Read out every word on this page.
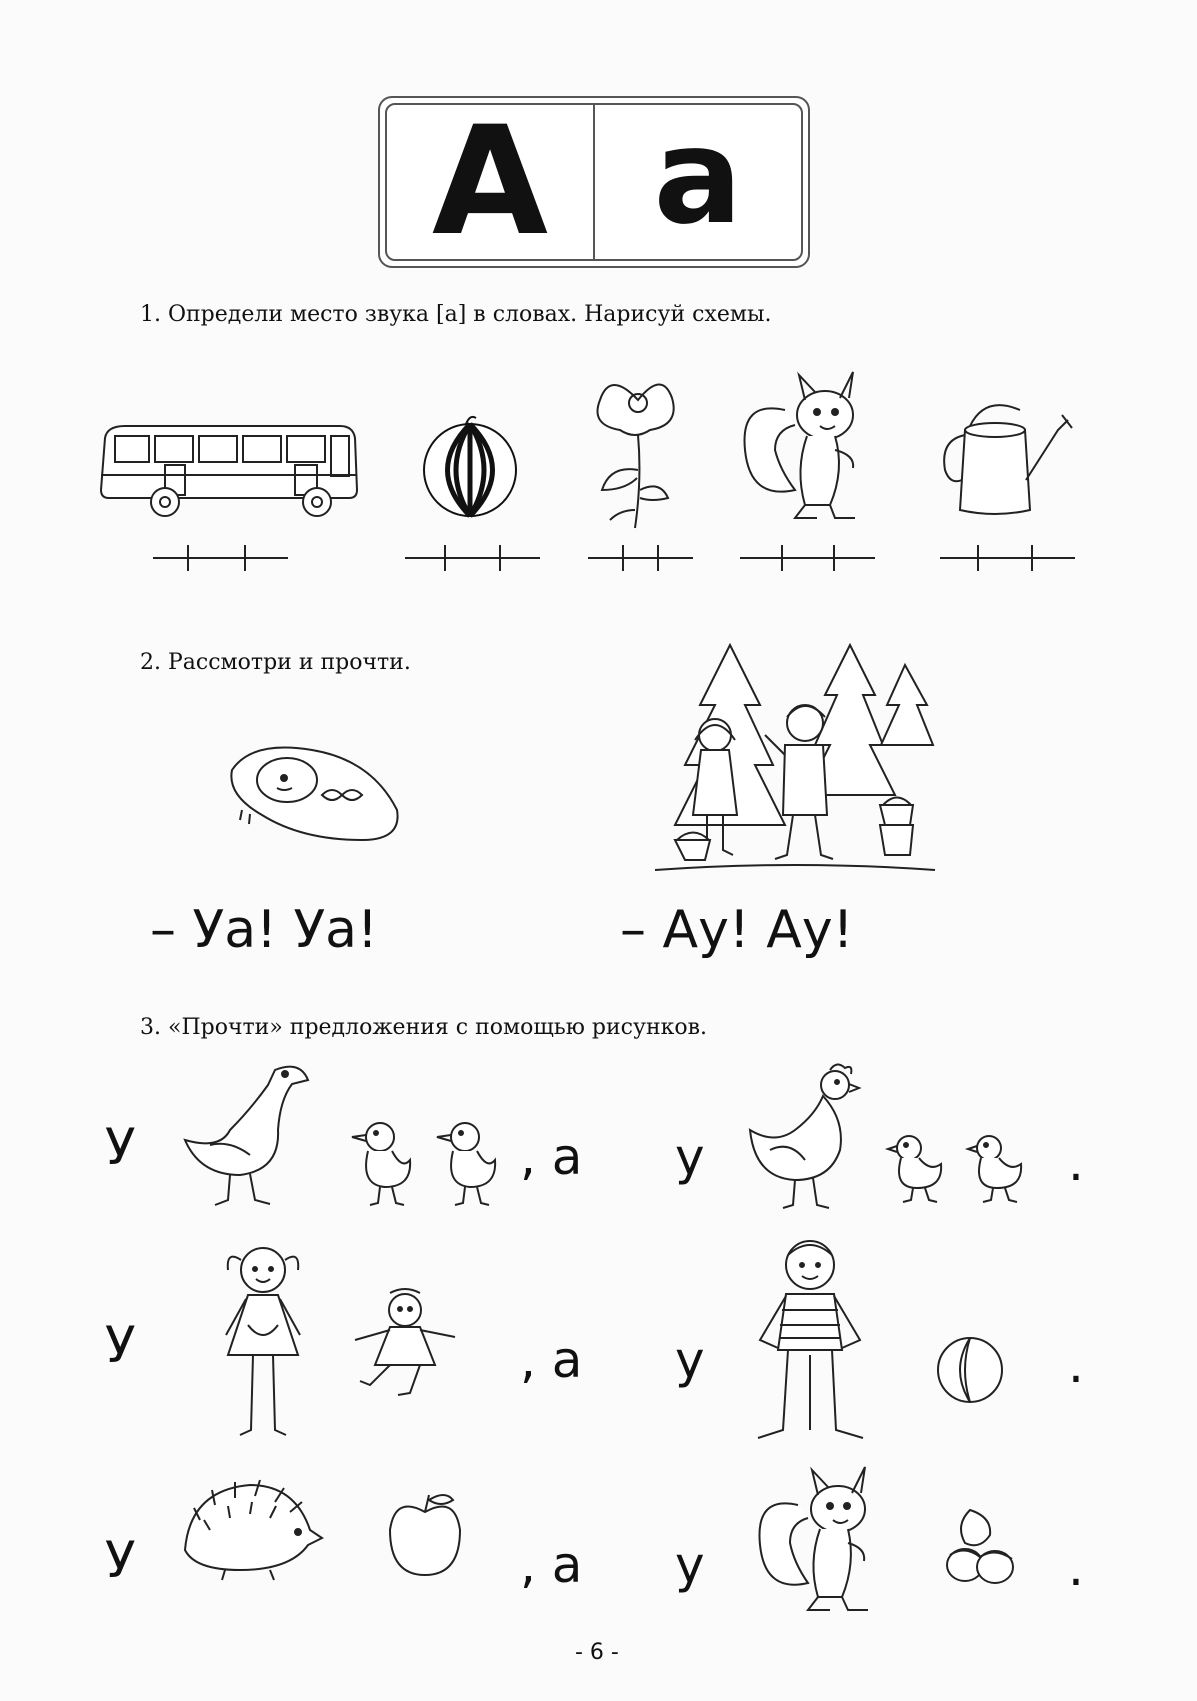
А а
1. Определи место звука [а] в словах. Нарисуй схемы.
2. Рассмотри и прочти.
– Уа! Уа!	– Ау! Ау!
3. «Прочти» предложения с помощью рисунков.
У	, а у	.
У	, а у	.
У	, а у	.
- 6 -
